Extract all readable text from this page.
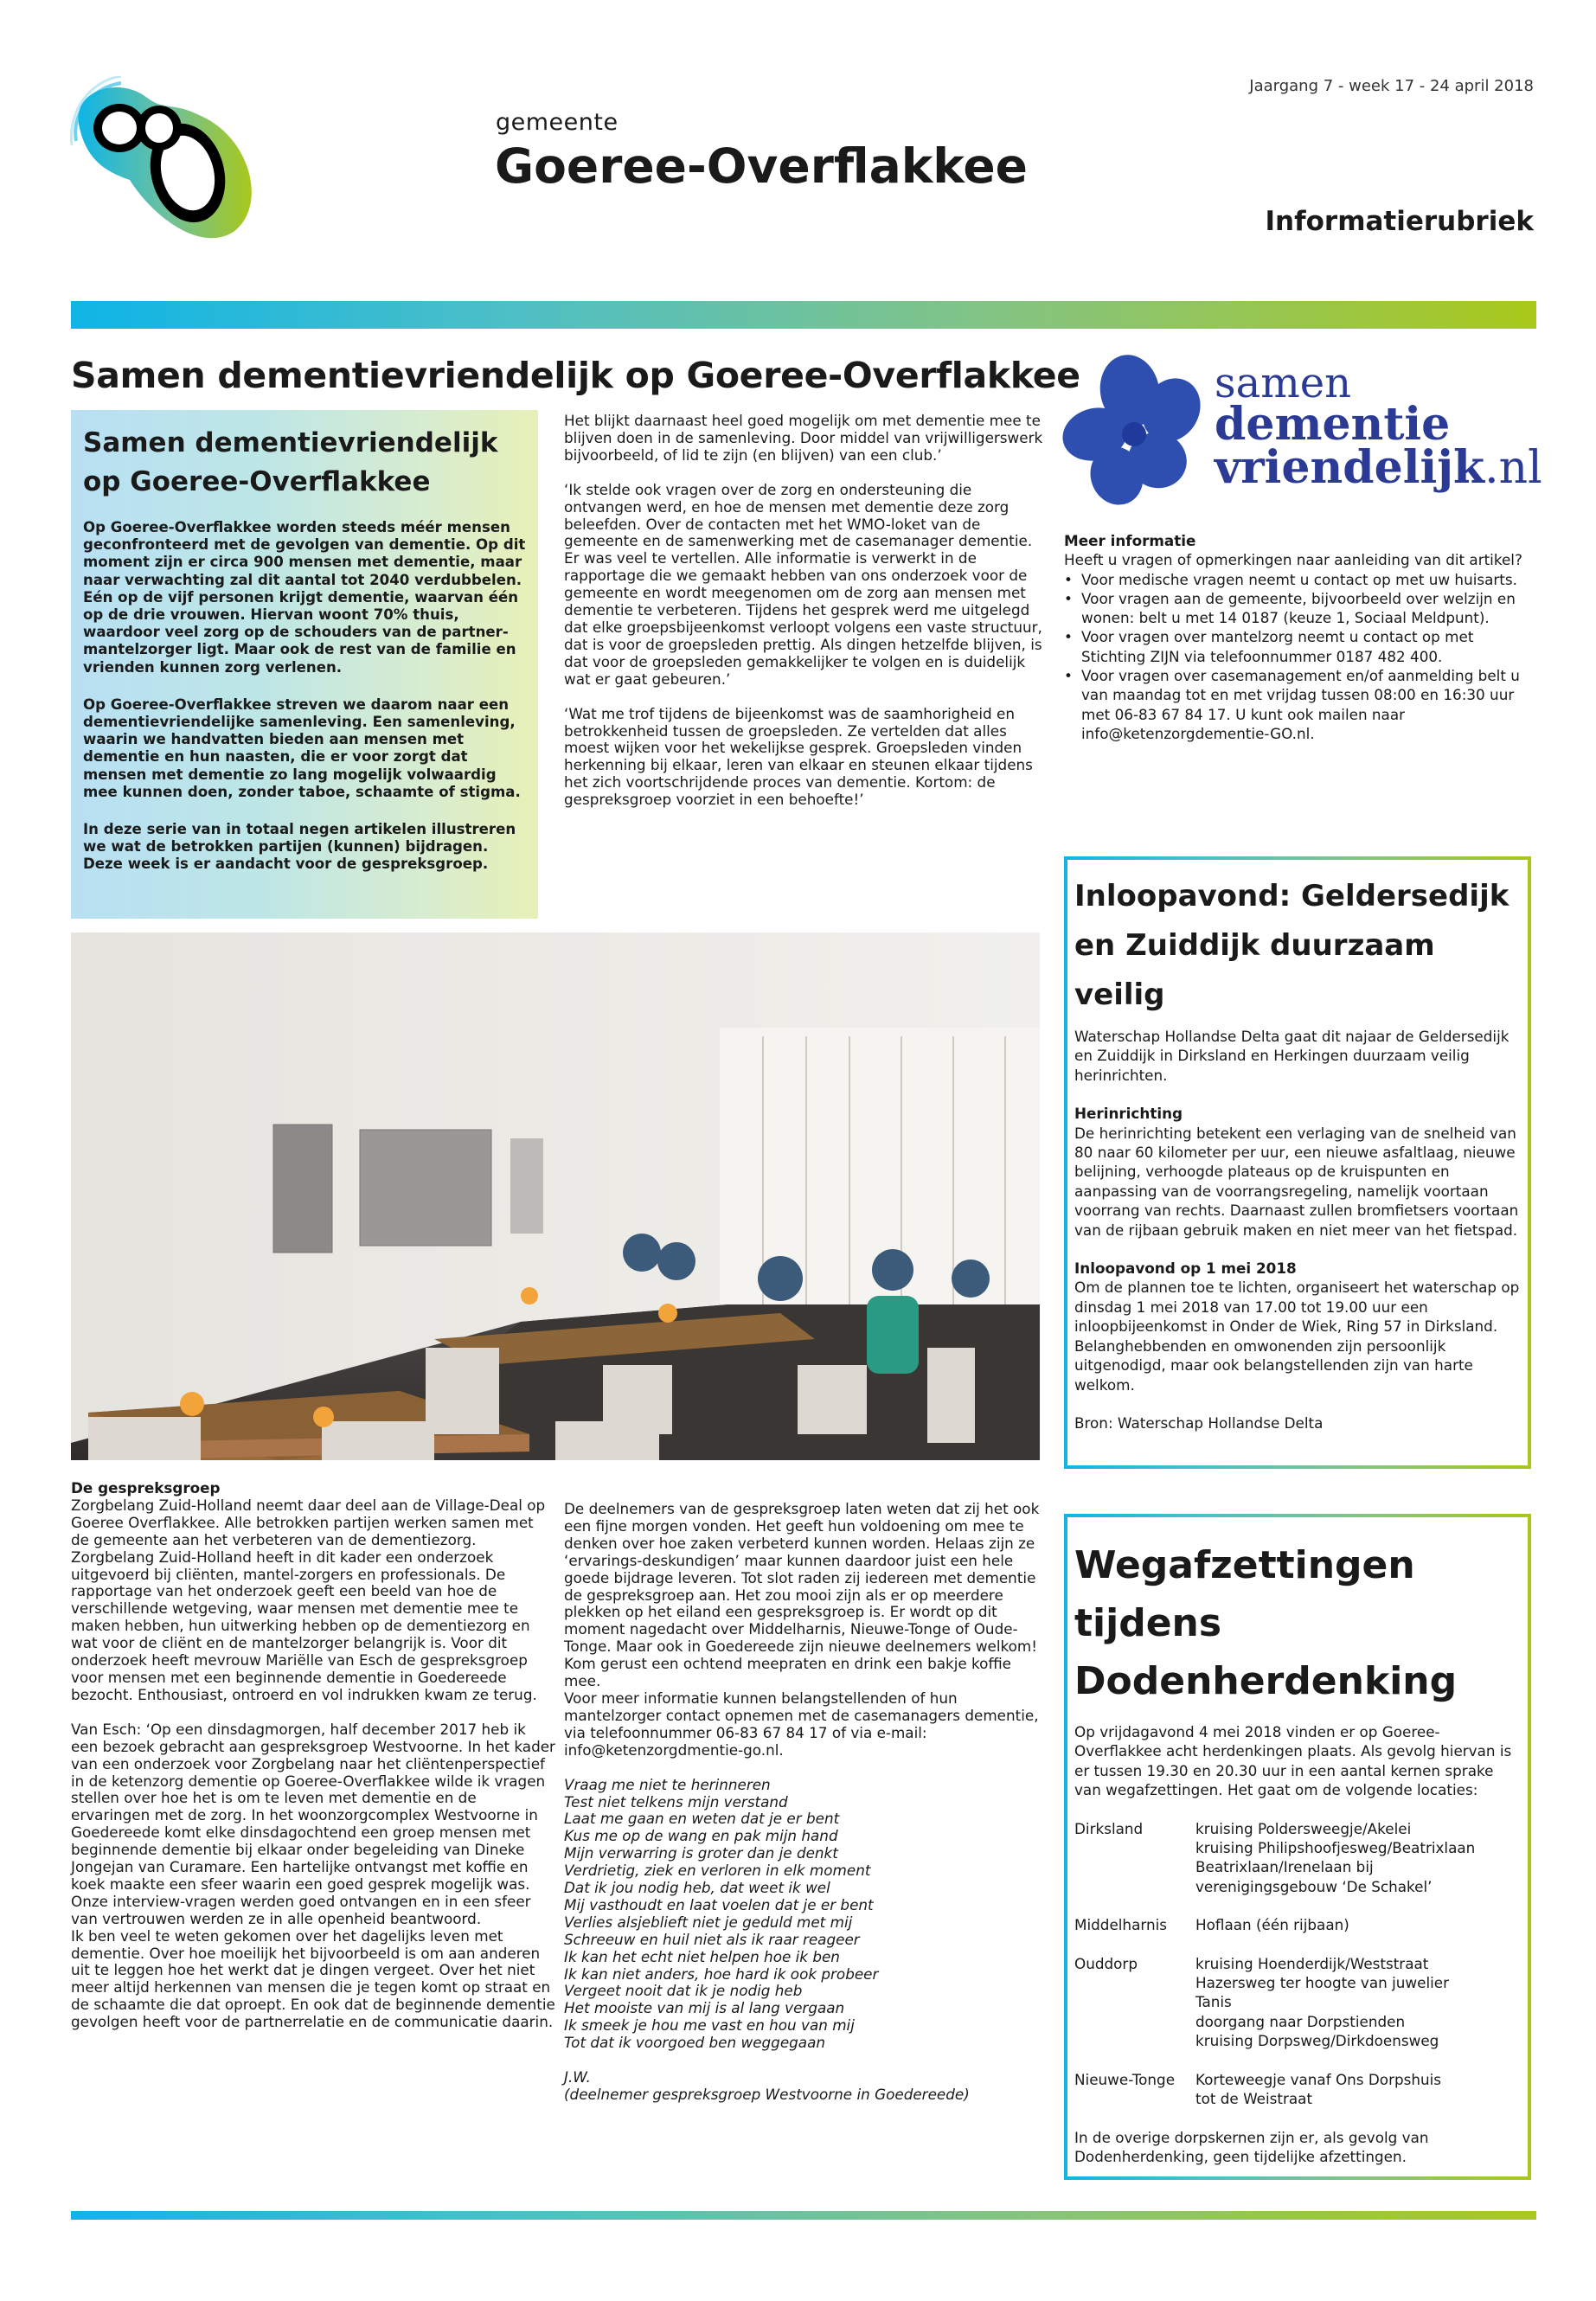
gemeente
Goeree-Overflakkee
Jaargang 7 - week 17 - 24 april 2018
Informatierubriek
Samen dementievriendelijk op Goeree-Overflakkee
Samen dementievriendelijk op Goeree-Overflakkee

Op Goeree-Overflakkee worden steeds méér mensen geconfronteerd met de gevolgen van dementie. Op dit moment zijn er circa 900 mensen met dementie, maar naar verwachting zal dit aantal tot 2040 verdubbelen. Eén op de vijf personen krijgt dementie, waarvan één op de drie vrouwen. Hiervan woont 70% thuis, waardoor veel zorg op de schouders van de partner-mantelzorger ligt. Maar ook de rest van de familie en vrienden kunnen zorg verlenen.

Op Goeree-Overflakkee streven we daarom naar een dementievriendelijke samenleving. Een samenleving, waarin we handvatten bieden aan mensen met dementie en hun naasten, die er voor zorgt dat mensen met dementie zo lang mogelijk volwaardig mee kunnen doen, zonder taboe, schaamte of stigma.

In deze serie van in totaal negen artikelen illustreren we wat de betrokken partijen (kunnen) bijdragen. Deze week is er aandacht voor de gespreksgroep.

Het blijkt daarnaast heel goed mogelijk om met dementie mee te blijven doen in de samenleving. Door middel van vrijwilligerswerk bijvoorbeeld, of lid te zijn (en blijven) van een club.’

‘Ik stelde ook vragen over de zorg en ondersteuning die ontvangen werd, en hoe de mensen met dementie deze zorg beleefden. Over de contacten met het WMO-loket van de gemeente en de samenwerking met de casemanager dementie. Er was veel te vertellen. Alle informatie is verwerkt in de rapportage die we gemaakt hebben van ons onderzoek voor de gemeente en wordt meegenomen om de zorg aan mensen met dementie te verbeteren. Tijdens het gesprek werd me uitgelegd dat elke groepsbijeenkomst verloopt volgens een vaste structuur, dat is voor de groepsleden prettig. Als dingen hetzelfde blijven, is dat voor de groepsleden gemakkelijker te volgen en is duidelijk wat er gaat gebeuren.’

‘Wat me trof tijdens de bijeenkomst was de saamhorigheid en betrokkenheid tussen de groepsleden. Ze vertelden dat alles moest wijken voor het wekelijkse gesprek. Groepsleden vinden herkenning bij elkaar, leren van elkaar en steunen elkaar tijdens het zich voortschrijdende proces van dementie. Kortom: de gespreksgroep voorziet in een behoefte!’

samen
dementie
vriendelijk.nl
Meer informatie
Heeft u vragen of opmerkingen naar aanleiding van dit artikel?
• Voor medische vragen neemt u contact op met uw huisarts.
• Voor vragen aan de gemeente, bijvoorbeeld over welzijn en wonen: belt u met 14 0187 (keuze 1, Sociaal Meldpunt).
• Voor vragen over mantelzorg neemt u contact op met Stichting ZIJN via telefoonnummer 0187 482 400.
• Voor vragen over casemanagement en/of aanmelding belt u van maandag tot en met vrijdag tussen 08:00 en 16:30 uur met 06-83 67 84 17. U kunt ook mailen naar info@ketenzorgdementie-GO.nl.
Inloopavond: Geldersedijk en Zuiddijk duurzaam veilig

Waterschap Hollandse Delta gaat dit najaar de Geldersedijk en Zuiddijk in Dirksland en Herkingen duurzaam veilig herinrichten.

Herinrichting

De herinrichting betekent een verlaging van de snelheid van 80 naar 60 kilometer per uur, een nieuwe asfaltlaag, nieuwe belijning, verhoogde plateaus op de kruispunten en aanpassing van de voorrangsregeling, namelijk voortaan voorrang van rechts. Daarnaast zullen bromfietsers voortaan van de rijbaan gebruik maken en niet meer van het fietspad.

Inloopavond op 1 mei 2018

Om de plannen toe te lichten, organiseert het waterschap op dinsdag 1 mei 2018 van 17.00 tot 19.00 uur een inloopbijeenkomst in Onder de Wiek, Ring 57 in Dirksland. Belanghebbenden en omwonenden zijn persoonlijk uitgenodigd, maar ook belangstellenden zijn van harte welkom.

Bron: Waterschap Hollandse Delta

De gespreksgroep

Zorgbelang Zuid-Holland neemt daar deel aan de Village-Deal op Goeree Overflakkee. Alle betrokken partijen werken samen met de gemeente aan het verbeteren van de dementiezorg. Zorgbelang Zuid-Holland heeft in dit kader een onderzoek uitgevoerd bij cliënten, mantel-zorgers en professionals. De rapportage van het onderzoek geeft een beeld van hoe de verschillende wetgeving, waar mensen met dementie mee te maken hebben, hun uitwerking hebben op de dementiezorg en wat voor de cliënt en de mantelzorger belangrijk is. Voor dit onderzoek heeft mevrouw Mariëlle van Esch de gespreksgroep voor mensen met een beginnende dementie in Goedereede bezocht. Enthousiast, ontroerd en vol indrukken kwam ze terug.

Van Esch: ‘Op een dinsdagmorgen, half december 2017 heb ik een bezoek gebracht aan gespreksgroep Westvoorne. In het kader van een onderzoek voor Zorgbelang naar het cliëntenperspectief in de ketenzorg dementie op Goeree-Overflakkee wilde ik vragen stellen over hoe het is om te leven met dementie en de ervaringen met de zorg. In het woonzorgcomplex Westvoorne in Goedereede komt elke dinsdagochtend een groep mensen met beginnende dementie bij elkaar onder begeleiding van Dineke Jongejan van Curamare. Een hartelijke ontvangst met koffie en koek maakte een sfeer waarin een goed gesprek mogelijk was. Onze interview-vragen werden goed ontvangen en in een sfeer van vertrouwen werden ze in alle openheid beantwoord.

Ik ben veel te weten gekomen over het dagelijks leven met dementie. Over hoe moeilijk het bijvoorbeeld is om aan anderen uit te leggen hoe het werkt dat je dingen vergeet. Over het niet meer altijd herkennen van mensen die je tegen komt op straat en de schaamte die dat oproept. En ook dat de beginnende dementie gevolgen heeft voor de partnerrelatie en de communicatie daarin.

De deelnemers van de gespreksgroep laten weten dat zij het ook een fijne morgen vonden. Het geeft hun voldoening om mee te denken over hoe zaken verbeterd kunnen worden. Helaas zijn ze ‘ervarings-deskundigen’ maar kunnen daardoor juist een hele goede bijdrage leveren. Tot slot raden zij iedereen met dementie de gespreksgroep aan. Het zou mooi zijn als er op meerdere plekken op het eiland een gespreksgroep is. Er wordt op dit moment nagedacht over Middelharnis, Nieuwe-Tonge of Oude-Tonge. Maar ook in Goedereede zijn nieuwe deelnemers welkom! Kom gerust een ochtend meepraten en drink een bakje koffie mee.

Voor meer informatie kunnen belangstellenden of hun mantelzorger contact opnemen met de casemanagers dementie, via telefoonnummer 06-83 67 84 17 of via e-mail: info@ketenzorgdmentie-go.nl.

Vraag me niet te herinneren
Test niet telkens mijn verstand
Laat me gaan en weten dat je er bent
Kus me op de wang en pak mijn hand
Mijn verwarring is groter dan je denkt
Verdrietig, ziek en verloren in elk moment
Dat ik jou nodig heb, dat weet ik wel
Mij vasthoudt en laat voelen dat je er bent
Verlies alsjeblieft niet je geduld met mij
Schreeuw en huil niet als ik raar reageer
Ik kan het echt niet helpen hoe ik ben
Ik kan niet anders, hoe hard ik ook probeer
Vergeet nooit dat ik je nodig heb
Het mooiste van mij is al lang vergaan
Ik smeek je hou me vast en hou van mij
Tot dat ik voorgoed ben weggegaan
J.W.
(deelnemer gespreksgroep Westvoorne in Goedereede)
Wegafzettingen tijdens Dodenherdenking

Op vrijdagavond 4 mei 2018 vinden er op Goeree-Overflakkee acht herdenkingen plaats. Als gevolg hiervan is er tussen 19.30 en 20.30 uur in een aantal kernen sprake van wegafzettingen. Het gaat om de volgende locaties:

Dirksland	kruising Poldersweegje/Akelei
kruising Philipshoofjesweg/Beatrixlaan
Beatrixlaan/Irenelaan bij
verenigingsgebouw ‘De Schakel’
Middelharnis	Hoflaan (één rijbaan)
Ouddorp	kruising Hoenderdijk/Weststraat
Hazersweg ter hoogte van juwelier
Tanis
doorgang naar Dorpstienden
kruising Dorpsweg/Dirkdoensweg
Nieuwe-Tonge	Korteweegje vanaf Ons Dorpshuis
tot de Weistraat

In de overige dorpskernen zijn er, als gevolg van Dodenherdenking, geen tijdelijke afzettingen.
